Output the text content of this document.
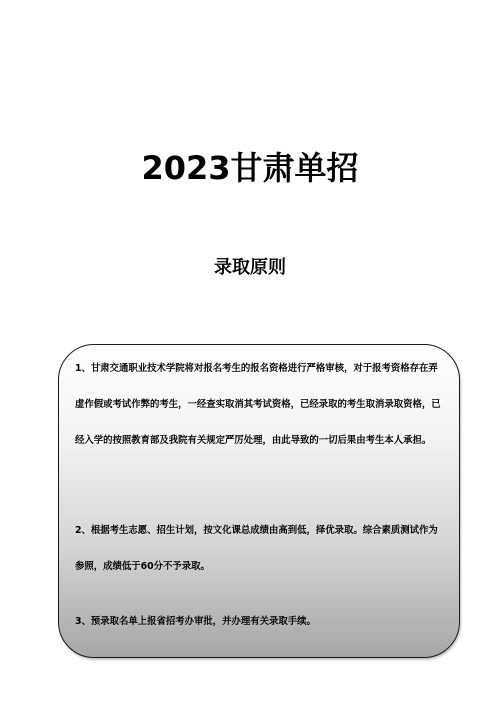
2023甘肃单招
录取原则
1、甘肃交通职业技术学院将对报名考生的报名资格进行严格审核，对于报考资格存在弄虚作假或考试作弊的考生，一经查实取消其考试资格，已经录取的考生取消录取资格，已经入学的按照教育部及我院有关规定严厉处理，由此导致的一切后果由考生本人承担。
2、根据考生志愿、招生计划，按文化课总成绩由高到低，择优录取。综合素质测试作为参照，成绩低于60分不予录取。
3、预录取名单上报省招考办审批，并办理有关录取手续。
